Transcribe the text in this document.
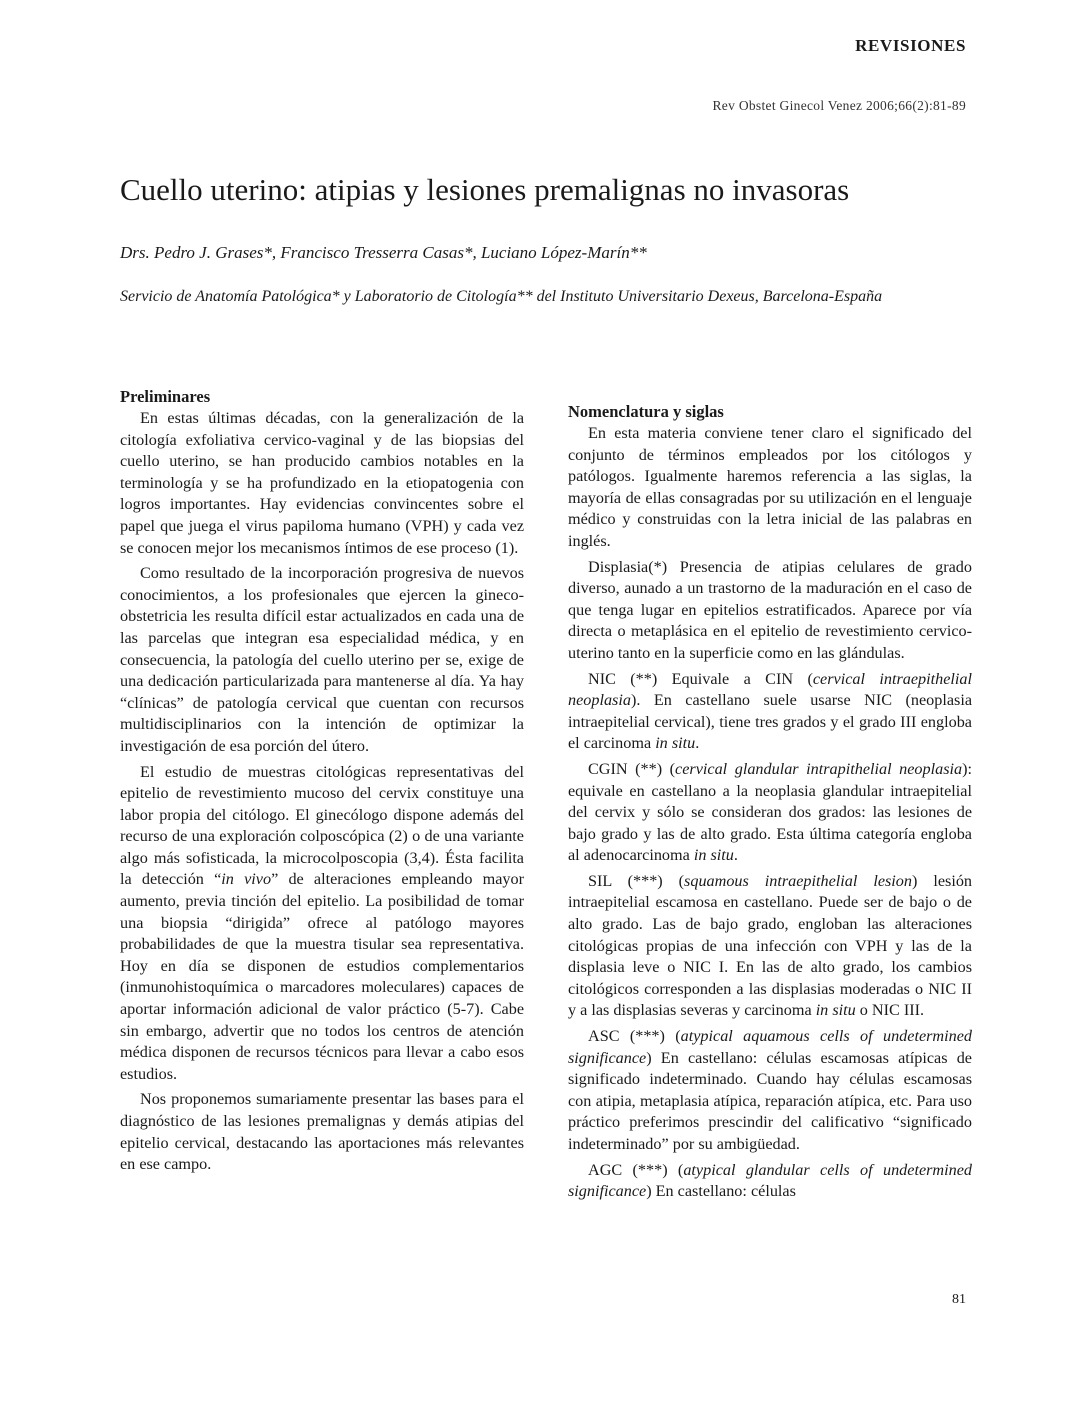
REVISIONES
Rev Obstet Ginecol Venez 2006;66(2):81-89
Cuello uterino: atipias y lesiones premalignas no invasoras
Drs. Pedro J. Grases*, Francisco Tresserra Casas*, Luciano López-Marín**
Servicio de Anatomía Patológica* y Laboratorio de Citología** del Instituto Universitario Dexeus, Barcelona-España
Preliminares

En estas últimas décadas, con la generalización de la citología exfoliativa cervico-vaginal y de las biopsias del cuello uterino, se han producido cambios notables en la terminología y se ha profundizado en la etiopatogenia con logros importantes. Hay evidencias convincentes sobre el papel que juega el virus papiloma humano (VPH) y cada vez se conocen mejor los mecanismos íntimos de ese proceso (1).

Como resultado de la incorporación progresiva de nuevos conocimientos, a los profesionales que ejercen la gineco-obstetricia les resulta difícil estar actualizados en cada una de las parcelas que integran esa especialidad médica, y en consecuencia, la patología del cuello uterino per se, exige de una dedicación particularizada para mantenerse al día. Ya hay “clínicas” de patología cervical que cuentan con recursos multidisciplinarios con la intención de optimizar la investigación de esa porción del útero.

El estudio de muestras citológicas representativas del epitelio de revestimiento mucoso del cervix constituye una labor propia del citólogo. El ginecólogo dispone además del recurso de una exploración colposcópica (2) o de una variante algo más sofisticada, la microcolposcopia (3,4). Ésta facilita la detección “in vivo” de alteraciones empleando mayor aumento, previa tinción del epitelio. La posibilidad de tomar una biopsia “dirigida” ofrece al patólogo mayores probabilidades de que la muestra tisular sea representativa. Hoy en día se disponen de estudios complementarios (inmunohistoquímica o marcadores moleculares) capaces de aportar información adicional de valor práctico (5-7). Cabe sin embargo, advertir que no todos los centros de atención médica disponen de recursos técnicos para llevar a cabo esos estudios.

Nos proponemos sumariamente presentar las bases para el diagnóstico de las lesiones premalignas y demás atipias del epitelio cervical, destacando las aportaciones más relevantes en ese campo.

Nomenclatura y siglas

En esta materia conviene tener claro el significado del conjunto de términos empleados por los citólogos y patólogos. Igualmente haremos referencia a las siglas, la mayoría de ellas consagradas por su utilización en el lenguaje médico y construidas con la letra inicial de las palabras en inglés.

Displasia(*) Presencia de atipias celulares de grado diverso, aunado a un trastorno de la maduración en el caso de que tenga lugar en epitelios estratificados. Aparece por vía directa o metaplásica en el epitelio de revestimiento cervico-uterino tanto en la superficie como en las glándulas.

NIC (**) Equivale a CIN (cervical intraepithelial neoplasia). En castellano suele usarse NIC (neoplasia intraepitelial cervical), tiene tres grados y el grado III engloba el carcinoma in situ.

CGIN (**) (cervical glandular intrapithelial neoplasia): equivale en castellano a la neoplasia glandular intraepitelial del cervix y sólo se consideran dos grados: las lesiones de bajo grado y las de alto grado. Esta última categoría engloba al adenocarcinoma in situ.

SIL (***) (squamous intraepithelial lesion) lesión intraepitelial escamosa en castellano. Puede ser de bajo o de alto grado. Las de bajo grado, engloban las alteraciones citológicas propias de una infección con VPH y las de la displasia leve o NIC I. En las de alto grado, los cambios citológicos corresponden a las displasias moderadas o NIC II y a las displasias severas y carcinoma in situ o NIC III.

ASC (***) (atypical aquamous cells of undetermined significance) En castellano: células escamosas atípicas de significado indeterminado. Cuando hay células escamosas con atipia, metaplasia atípica, reparación atípica, etc. Para uso práctico preferimos prescindir del calificativo “significado indeterminado” por su ambigüedad.

AGC (***) (atypical glandular cells of undetermined significance) En castellano: células

81
